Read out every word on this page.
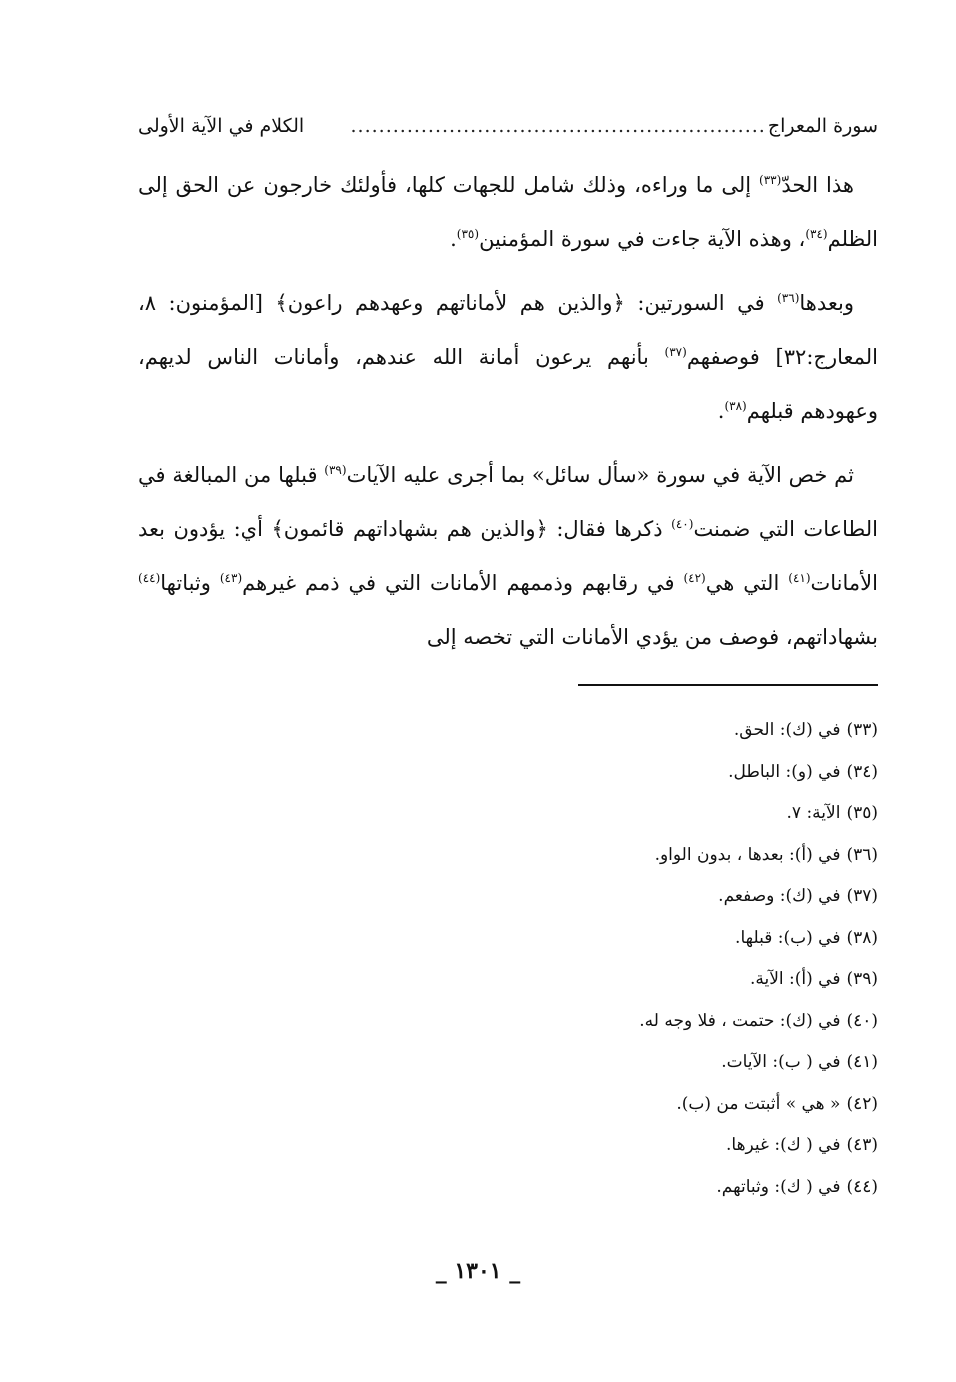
سورة المعراج
...........................................................
الكلام في الآية الأولى

هذا الحدّ$^{(٣٣)}$ إلى ما وراءه، وذلك شامل للجهات كلها، فأولئك خارجون عن الحق إلى الظلم$^{(٣٤)}$، وهذه الآية جاءت في سورة المؤمنين$^{(٣٥)}$.

وبعدها$^{(٣٦)}$ في السورتين: ﴿والذين هم لأماناتهم وعهدهم راعون﴾ [المؤمنون: ٨، المعارج:٣٢] فوصفهم$^{(٣٧)}$ بأنهم يرعون أمانة الله عندهم، وأمانات الناس لديهم، وعهودهم قبلهم$^{(٣٨)}$.

ثم خص الآية في سورة «سأل سائل» بما أجرى عليه الآيات$^{(٣٩)}$ قبلها من المبالغة في الطاعات التي ضمنت$^{(٤٠)}$ ذكرها فقال: ﴿والذين هم بشهاداتهم قائمون﴾ أي: يؤدون بعد الأمانات$^{(٤١)}$ التي هي$^{(٤٢)}$ في رقابهم وذممهم الأمانات التي في ذمم غيرهم$^{(٤٣)}$ وثباتها$^{(٤٤)}$ بشهاداتهم، فوصف من يؤدي الأمانات التي تخصه إلى

(٣٣)في (ك): الحق.
(٣٤)في (و): الباطل.
(٣٥)الآية: ٧.
(٣٦)في (أ): بعدها ، بدون الواو.
(٣٧)في (ك): وصفعم.
(٣٨)في (ب): قبلها.
(٣٩)في (أ): الآية.
(٤٠)في (ك): حتمت ، فلا وجه له.
(٤١)في ( ب): الآيات.
(٤٢)« هي » أثبتت من (ب).
(٤٣)في ( ك): غيرها.
(٤٤)في ( ك): وثباتهم.
_ ١٣٠١ _
